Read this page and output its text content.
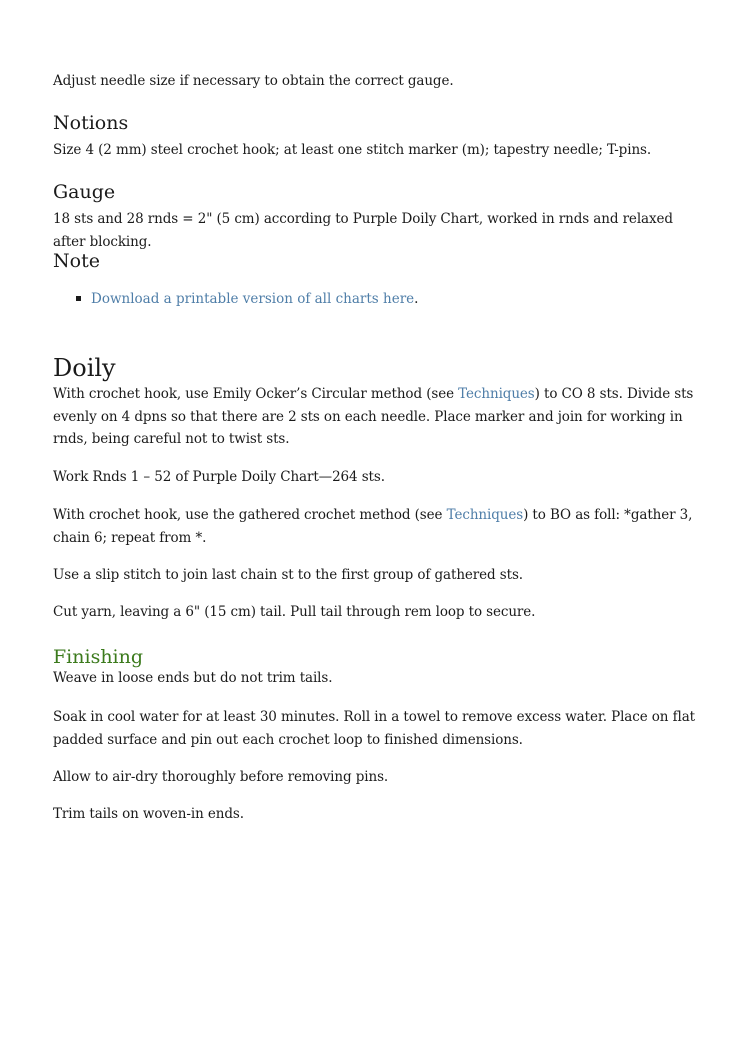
Adjust needle size if necessary to obtain the correct gauge.

Notions

Size 4 (2 mm) steel crochet hook; at least one stitch marker (m); tapestry needle; T-pins.

Gauge

18 sts and 28 rnds = 2" (5 cm) according to Purple Doily Chart, worked in rnds and relaxed after blocking.

Note
Download a printable version of all charts here.
Doily

With crochet hook, use Emily Ocker’s Circular method (see Techniques) to CO 8 sts. Divide sts evenly on 4 dpns so that there are 2 sts on each needle. Place marker and join for working in rnds, being careful not to twist sts.

Work Rnds 1 – 52 of Purple Doily Chart—264 sts.

With crochet hook, use the gathered crochet method (see Techniques) to BO as foll: *gather 3, chain 6; repeat from *.

Use a slip stitch to join last chain st to the first group of gathered sts.

Cut yarn, leaving a 6" (15 cm) tail. Pull tail through rem loop to secure.

Finishing

Weave in loose ends but do not trim tails.

Soak in cool water for at least 30 minutes. Roll in a towel to remove excess water. Place on flat padded surface and pin out each crochet loop to finished dimensions.

Allow to air-dry thoroughly before removing pins.

Trim tails on woven-in ends.
